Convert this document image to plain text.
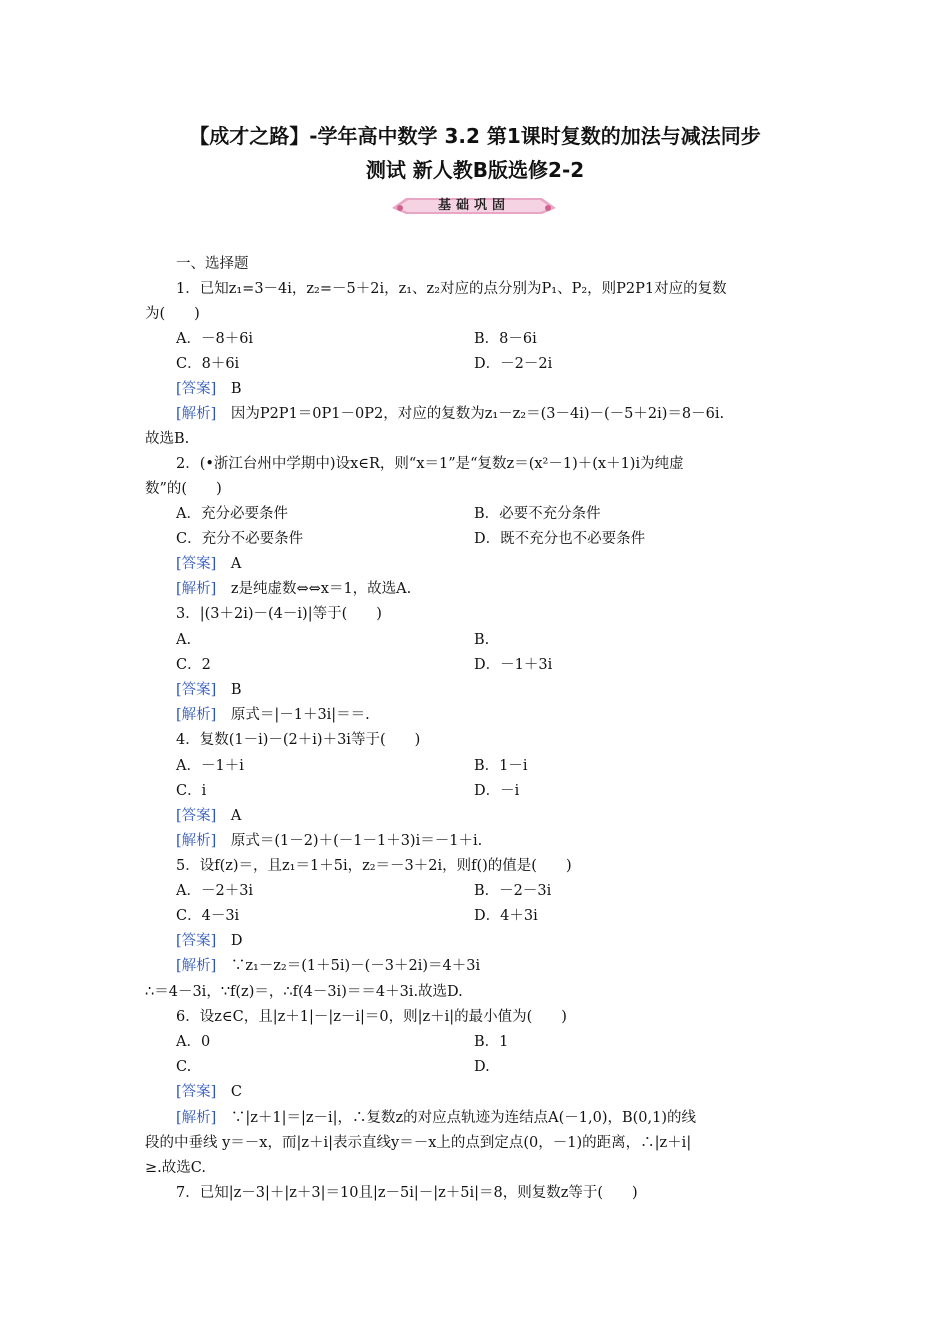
【成才之路】-学年高中数学 3.2 第1课时复数的加法与减法同步
测试 新人教B版选修2-2
基础巩固
一、选择题
1．已知z₁=3－4i，z₂=－5＋2i，z₁、z₂对应的点分别为P₁、P₂，则P2P1对应的复数
为(　　)
A．－8＋6i	B．8－6i
C．8＋6i	D．－2－2i
[答案]　 B
[解析]　 因为P2P1＝0P1－0P2，对应的复数为z₁－z₂＝(3－4i)－(－5＋2i)＝8－6i.
故选B.
2．(•浙江台州中学期中)设x∈R，则“x＝1”是“复数z＝(x²－1)＋(x＋1)i为纯虚
数”的(　　)
A．充分必要条件	B．必要不充分条件
C．充分不必要条件	D．既不充分也不必要条件
[答案]　 A
[解析]　 z是纯虚数⇔⇔x＝1，故选A.
3．|(3＋2i)－(4－i)|等于(　　)
A.	B.
C．2	D．－1＋3i
[答案]　 B
[解析]　 原式＝|－1＋3i|＝＝.
4．复数(1－i)－(2＋i)＋3i等于(　　)
A．－1＋i	B．1－i
C．i	D．－i
[答案]　 A
[解析]　 原式＝(1－2)＋(－1－1＋3)i＝－1＋i.
5．设f(z)＝，且z₁＝1＋5i，z₂＝－3＋2i，则f()的值是(　　)
A．－2＋3i	B．－2－3i
C．4－3i	D．4＋3i
[答案]　 D
[解析]　 ∵z₁－z₂＝(1＋5i)－(－3＋2i)＝4＋3i
∴＝4－3i，∵f(z)＝，∴f(4－3i)＝＝4＋3i.故选D.
6．设z∈C，且|z＋1|－|z－i|＝0，则|z＋i|的最小值为(　　)
A．0	B．1
C.	D.
[答案]　 C
[解析]　 ∵|z＋1|＝|z－i|，∴复数z的对应点轨迹为连结点A(－1,0)，B(0,1)的线
段的中垂线 y＝－x，而|z＋i|表示直线y＝－x上的点到定点(0，－1)的距离，∴|z＋i|
≥.故选C.
7．已知|z－3|＋|z＋3|＝10且|z－5i|－|z＋5i|＝8，则复数z等于(　　)
